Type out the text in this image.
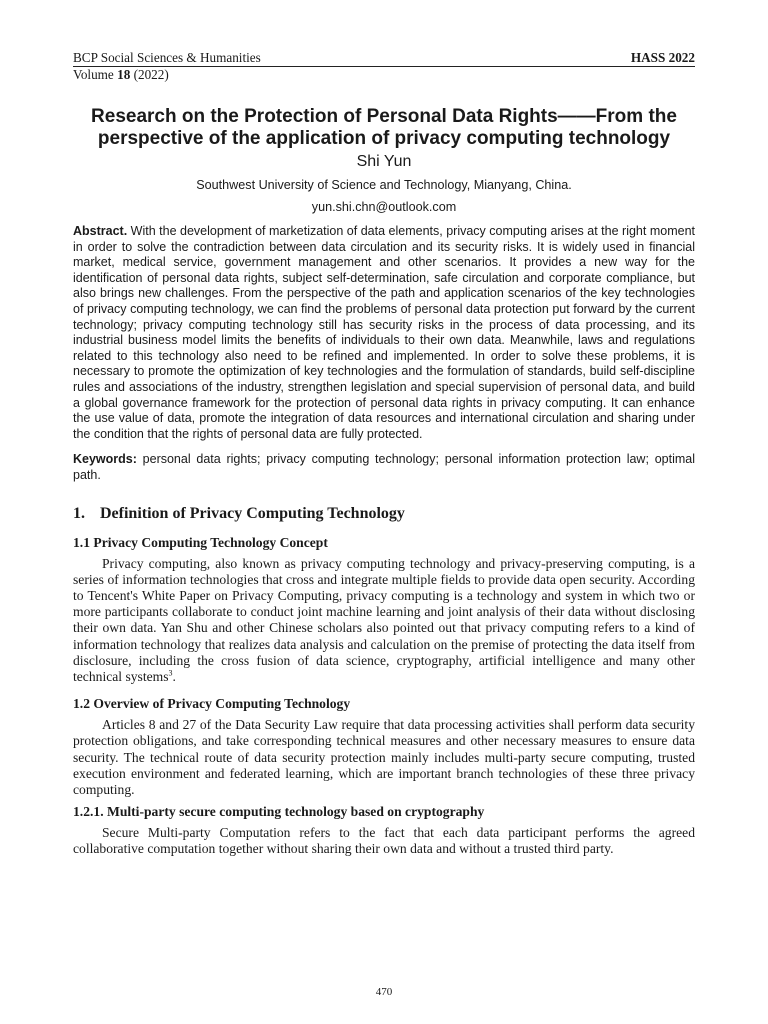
BCP Social Sciences & Humanities	HASS 2022
Volume 18 (2022)
Research on the Protection of Personal Data Rights——From the perspective of the application of privacy computing technology
Shi Yun
Southwest University of Science and Technology, Mianyang, China.
yun.shi.chn@outlook.com
Abstract. With the development of marketization of data elements, privacy computing arises at the right moment in order to solve the contradiction between data circulation and its security risks. It is widely used in financial market, medical service, government management and other scenarios. It provides a new way for the identification of personal data rights, subject self-determination, safe circulation and corporate compliance, but also brings new challenges. From the perspective of the path and application scenarios of the key technologies of privacy computing technology, we can find the problems of personal data protection put forward by the current technology; privacy computing technology still has security risks in the process of data processing, and its industrial business model limits the benefits of individuals to their own data. Meanwhile, laws and regulations related to this technology also need to be refined and implemented. In order to solve these problems, it is necessary to promote the optimization of key technologies and the formulation of standards, build self-discipline rules and associations of the industry, strengthen legislation and special supervision of personal data, and build a global governance framework for the protection of personal data rights in privacy computing. It can enhance the use value of data, promote the integration of data resources and international circulation and sharing under the condition that the rights of personal data are fully protected.
Keywords: personal data rights; privacy computing technology; personal information protection law; optimal path.
1. Definition of Privacy Computing Technology
1.1 Privacy Computing Technology Concept
Privacy computing, also known as privacy computing technology and privacy-preserving computing, is a series of information technologies that cross and integrate multiple fields to provide data open security. According to Tencent's White Paper on Privacy Computing, privacy computing is a technology and system in which two or more participants collaborate to conduct joint machine learning and joint analysis of their data without disclosing their own data. Yan Shu and other Chinese scholars also pointed out that privacy computing refers to a kind of information technology that realizes data analysis and calculation on the premise of protecting the data itself from disclosure, including the cross fusion of data science, cryptography, artificial intelligence and many other technical systems$^3$.
1.2 Overview of Privacy Computing Technology
Articles 8 and 27 of the Data Security Law require that data processing activities shall perform data security protection obligations, and take corresponding technical measures and other necessary measures to ensure data security. The technical route of data security protection mainly includes multi-party secure computing, trusted execution environment and federated learning, which are important branch technologies of these three privacy computing.
1.2.1. Multi-party secure computing technology based on cryptography
Secure Multi-party Computation refers to the fact that each data participant performs the agreed collaborative computation together without sharing their own data and without a trusted third party.
470
